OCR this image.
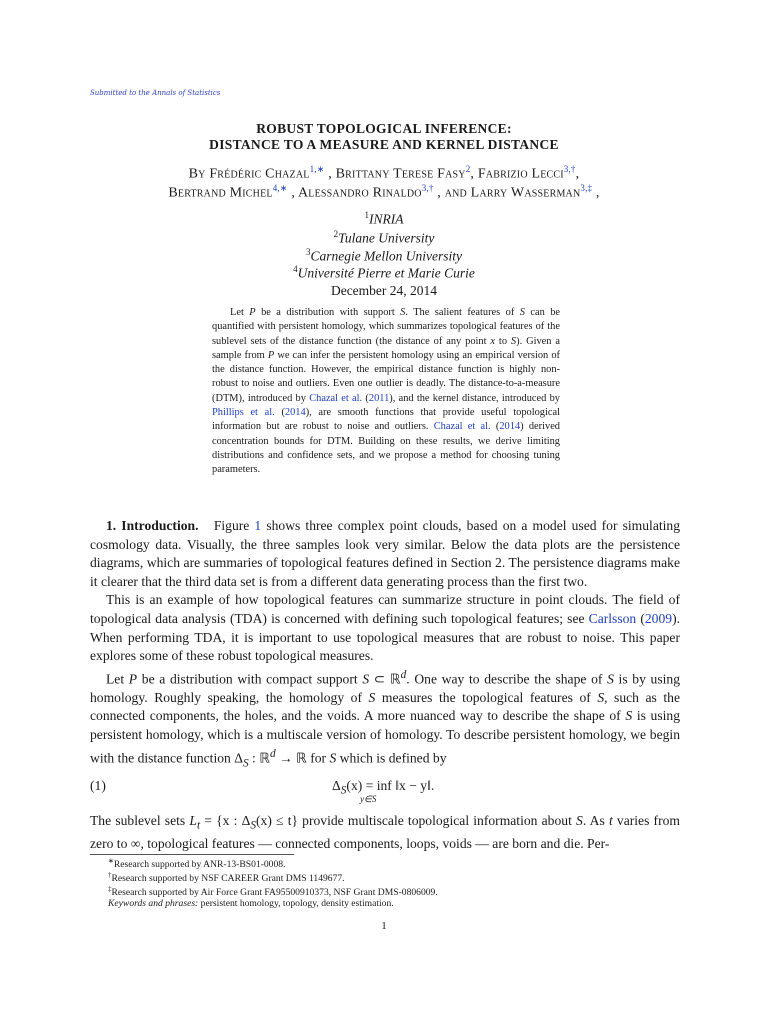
Submitted to the Annals of Statistics
ROBUST TOPOLOGICAL INFERENCE:
DISTANCE TO A MEASURE AND KERNEL DISTANCE
By Frédéric Chazal$^{1,∗}$ , Brittany Terese Fasy$^2$, Fabrizio Lecci$^{3,\dagger}$,
Bertrand Michel$^{4,∗}$ , Alessandro Rinaldo$^{3,\dagger}$ , and Larry Wasserman$^{3,\ddagger}$ ,
$^1$INRIA
$^2$Tulane University
$^3$Carnegie Mellon University
$^4$Université Pierre et Marie Curie
December 24, 2014
Let P be a distribution with support S. The salient features of S can be quantified with persistent homology, which summarizes topological features of the sublevel sets of the distance function (the distance of any point x to S). Given a sample from P we can infer the persistent homology using an empirical version of the distance function. However, the empirical distance function is highly non-robust to noise and outliers. Even one outlier is deadly. The distance-to-a-measure (DTM), introduced by Chazal et al. (2011), and the kernel distance, introduced by Phillips et al. (2014), are smooth functions that provide useful topological information but are robust to noise and outliers. Chazal et al. (2014) derived concentration bounds for DTM. Building on these results, we derive limiting distributions and confidence sets, and we propose a method for choosing tuning parameters.

1. Introduction. Figure 1 shows three complex point clouds, based on a model used for simulating cosmology data. Visually, the three samples look very similar. Below the data plots are the persistence diagrams, which are summaries of topological features defined in Section 2. The persistence diagrams make it clearer that the third data set is from a different data generating process than the first two.

This is an example of how topological features can summarize structure in point clouds. The field of topological data analysis (TDA) is concerned with defining such topological features; see Carlsson (2009). When performing TDA, it is important to use topological measures that are robust to noise. This paper explores some of these robust topological measures.

Let P be a distribution with compact support S ⊂ ℝ$^d$. One way to describe the shape of S is by using homology. Roughly speaking, the homology of S measures the topological features of S, such as the connected components, the holes, and the voids. A more nuanced way to describe the shape of S is using persistent homology, which is a multiscale version of homology. To describe persistent homology, we begin with the distance function $\Delta_S$ : ℝ$^d$ → ℝ for S which is defined by

(1)	$\Delta_S(x)$ = inf ‖x − y‖.
y∈S

The sublevel sets $L_t = \{x$ : $\Delta_S(x) \le t$} provide multiscale topological information about S. As t varies from zero to ∞, topological features — connected components, loops, voids — are born and die. Per-

∗Research supported by ANR-13-BS01-0008.
†Research supported by NSF CAREER Grant DMS 1149677.
‡Research supported by Air Force Grant FA95500910373, NSF Grant DMS-0806009.
Keywords and phrases: persistent homology, topology, density estimation.
1
